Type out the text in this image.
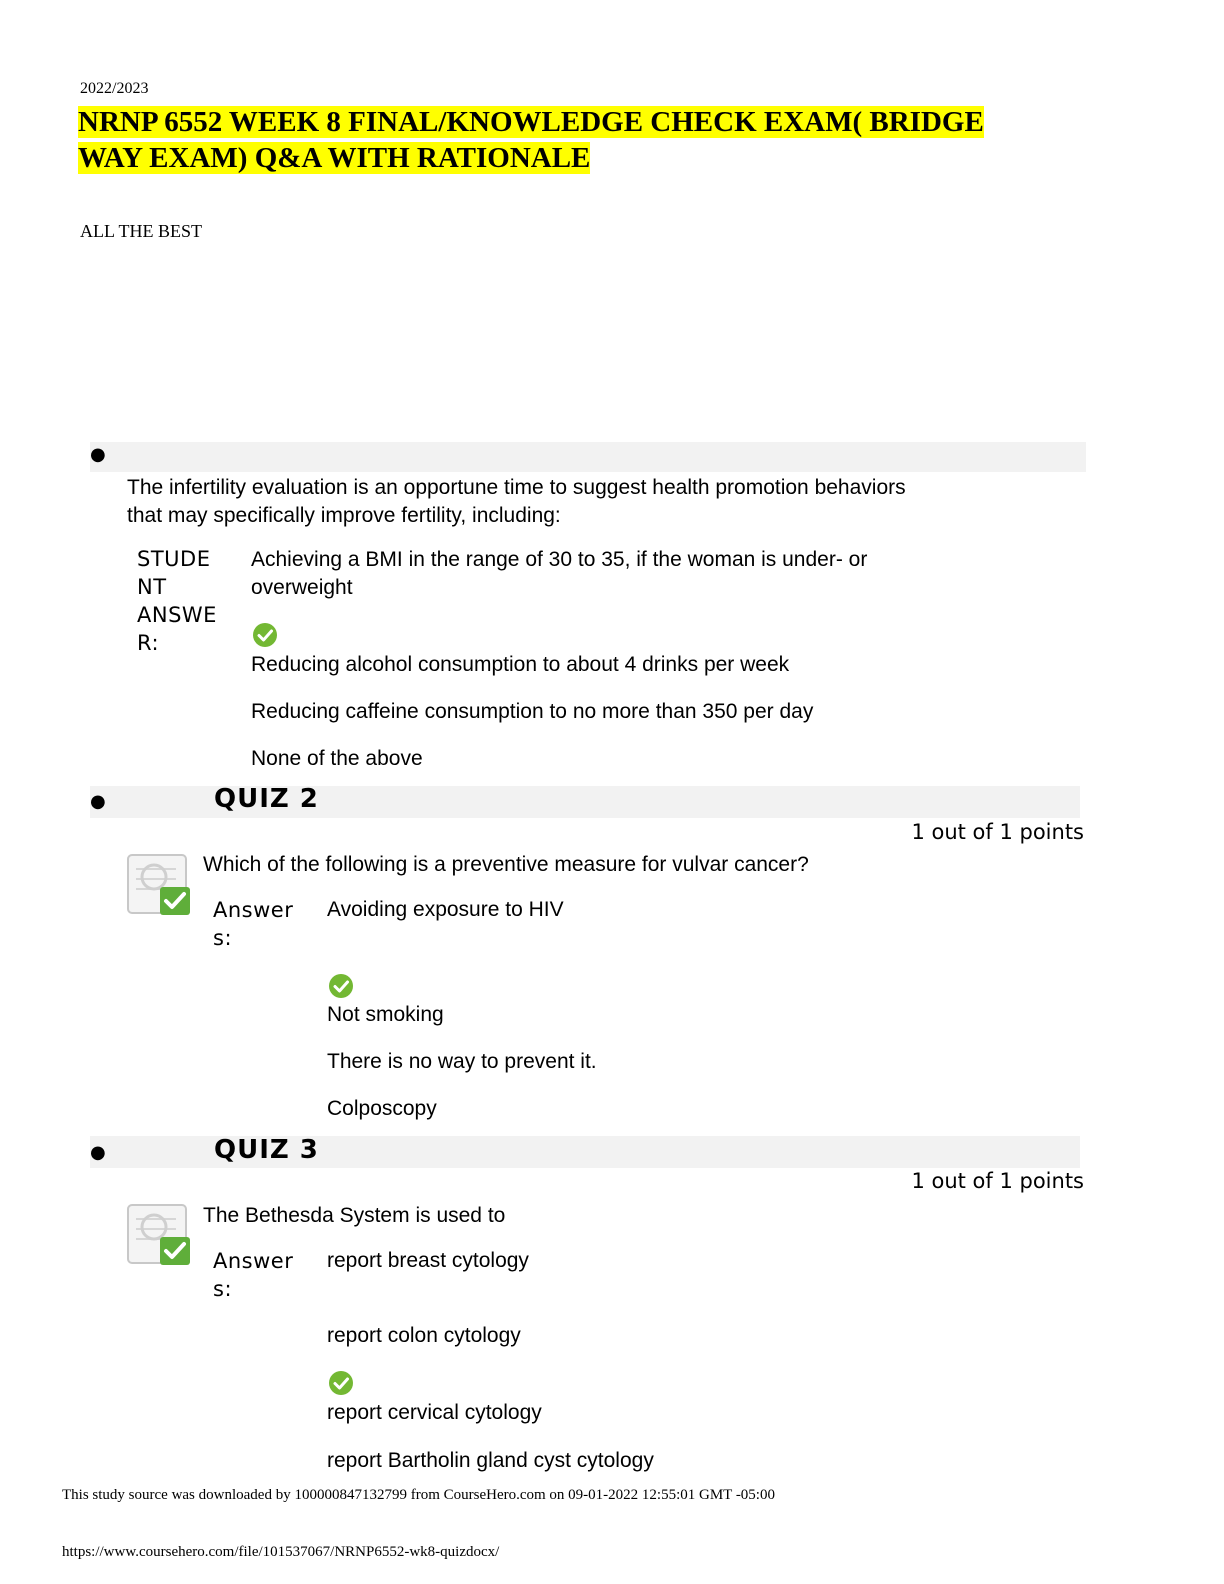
2022/2023
NRNP 6552 WEEK 8 FINAL/KNOWLEDGE CHECK EXAM( BRIDGE
WAY EXAM) Q&A WITH RATIONALE
ALL THE BEST
●
The infertility evaluation is an opportune time to suggest health promotion behaviors
that may specifically improve fertility, including:
STUDE
NT
ANSWE
R:
Achieving a BMI in the range of 30 to 35, if the woman is under- or
overweight
Reducing alcohol consumption to about 4 drinks per week
Reducing caffeine consumption to no more than 350 per day
None of the above
●	QUIZ 2
1 out of 1 points
Which of the following is a preventive measure for vulvar cancer?
Answer
s:
Avoiding exposure to HIV
Not smoking
There is no way to prevent it.
Colposcopy
●	QUIZ 3
1 out of 1 points
The Bethesda System is used to
Answer
s:
report breast cytology
report colon cytology
report cervical cytology
report Bartholin gland cyst cytology
This study source was downloaded by 100000847132799 from CourseHero.com on 09-01-2022 12:55:01 GMT -05:00
https://www.coursehero.com/file/101537067/NRNP6552-wk8-quizdocx/
